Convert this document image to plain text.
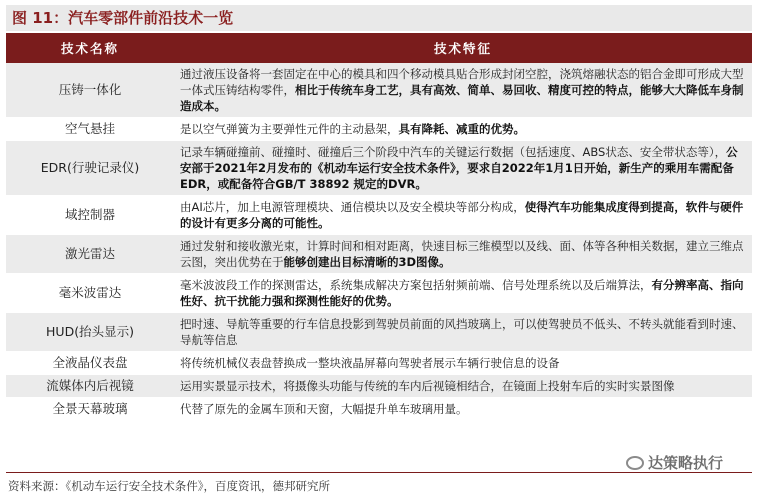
图 11：汽车零部件前沿技术一览
技术名称	技术特征
压铸一体化	通过液压设备将一套固定在中心的模具和四个移动模具贴合形成封闭空腔，浇筑熔融状态的铝合金即可形成大型一体式压铸结构零件，相比于传统车身工艺，具有高效、简单、易回收、精度可控的特点，能够大大降低车身制造成本。
空气悬挂	是以空气弹簧为主要弹性元件的主动悬架，具有降耗、减重的优势。
EDR(行驶记录仪)	记录车辆碰撞前、碰撞时、碰撞后三个阶段中汽车的关键运行数据（包括速度、ABS状态、安全带状态等），公安部于2021年2月发布的《机动车运行安全技术条件》，要求自2022年1月1日开始，新生产的乘用车需配备EDR，或配备符合GB/T 38892 规定的DVR。
域控制器	由AI芯片，加上电源管理模块、通信模块以及安全模块等部分构成，使得汽车功能集成度得到提高，软件与硬件的设计有更多分离的可能性。
激光雷达	通过发射和接收激光束，计算时间和相对距离，快速目标三维模型以及线、面、体等各种相关数据，建立三维点云图，突出优势在于能够创建出目标清晰的3D图像。
毫米波雷达	毫米波波段工作的探测雷达，系统集成解决方案包括射频前端、信号处理系统以及后端算法，有分辨率高、指向性好、抗干扰能力强和探测性能好的优势。
HUD(抬头显示)	把时速、导航等重要的行车信息投影到驾驶员前面的风挡玻璃上，可以使驾驶员不低头、不转头就能看到时速、导航等信息
全液晶仪表盘	将传统机械仪表盘替换成一整块液晶屏幕向驾驶者展示车辆行驶信息的设备
流媒体内后视镜	运用实景显示技术，将摄像头功能与传统的车内后视镜相结合，在镜面上投射车后的实时实景图像
全景天幕玻璃	代替了原先的金属车顶和天窗，大幅提升单车玻璃用量。
资料来源：《机动车运行安全技术条件》，百度资讯，德邦研究所
达策略执行
